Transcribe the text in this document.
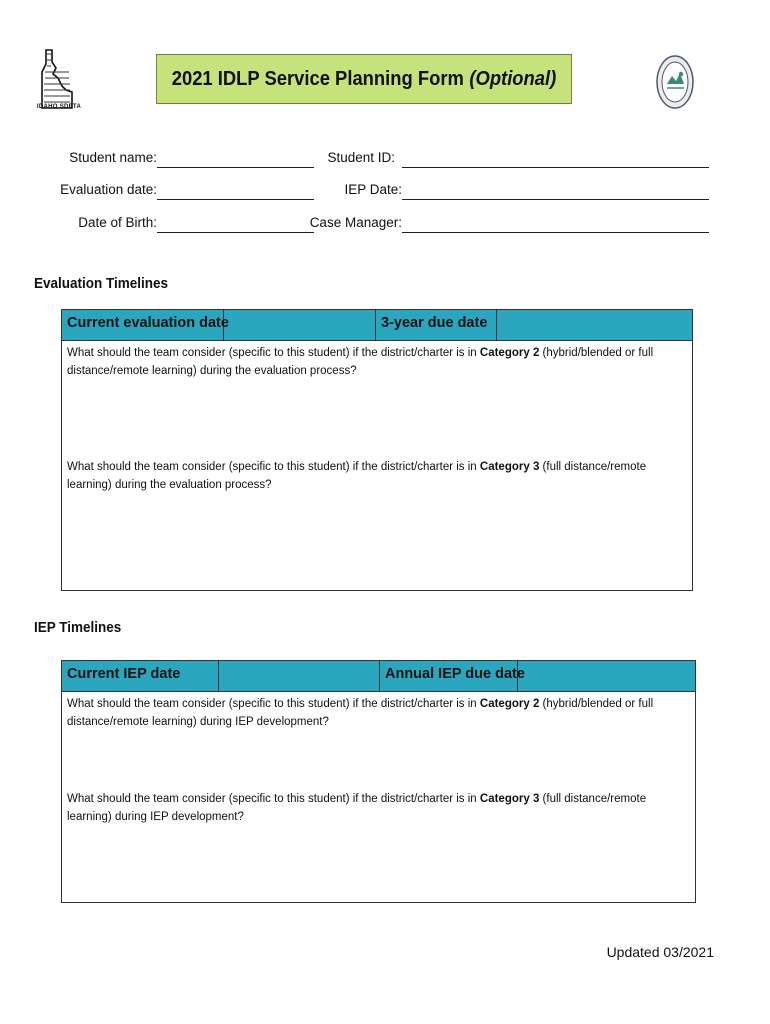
IDAHO SDETA
2021 IDLP Service Planning Form (Optional)
Student name:
Evaluation date:
Date of Birth:
Student ID:
IEP Date:
Case Manager:
Evaluation Timelines
Current evaluation date	3-year due date
What should the team consider (specific to this student) if the district/charter is in Category 2 (hybrid/blended or full distance/remote learning) during the evaluation process?
What should the team consider (specific to this student) if the district/charter is in Category 3 (full distance/remote learning) during the evaluation process?
IEP Timelines
Current IEP date	Annual IEP due date
What should the team consider (specific to this student) if the district/charter is in Category 2 (hybrid/blended or full distance/remote learning) during IEP development?
What should the team consider (specific to this student) if the district/charter is in Category 3 (full distance/remote learning) during IEP development?
Updated 03/2021
